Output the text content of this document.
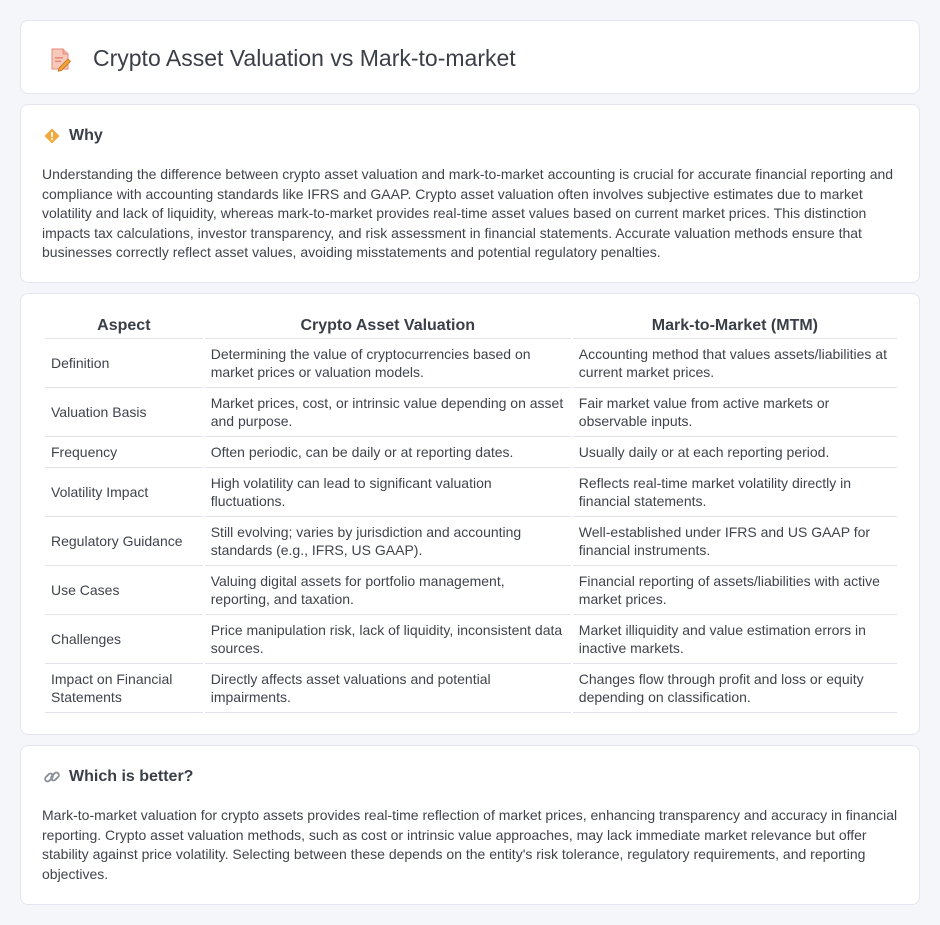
Crypto Asset Valuation vs Mark-to-market
Why

Understanding the difference between crypto asset valuation and mark-to-market accounting is crucial for accurate financial reporting and compliance with accounting standards like IFRS and GAAP. Crypto asset valuation often involves subjective estimates due to market volatility and lack of liquidity, whereas mark-to-market provides real-time asset values based on current market prices. This distinction impacts tax calculations, investor transparency, and risk assessment in financial statements. Accurate valuation methods ensure that businesses correctly reflect asset values, avoiding misstatements and potential regulatory penalties.

Aspect	Crypto Asset Valuation	Mark-to-Market (MTM)
Definition	Determining the value of cryptocurrencies based on market prices or valuation models.	Accounting method that values assets/liabilities at current market prices.
Valuation Basis	Market prices, cost, or intrinsic value depending on asset and purpose.	Fair market value from active markets or observable inputs.
Frequency	Often periodic, can be daily or at reporting dates.	Usually daily or at each reporting period.
Volatility Impact	High volatility can lead to significant valuation fluctuations.	Reflects real-time market volatility directly in financial statements.
Regulatory Guidance	Still evolving; varies by jurisdiction and accounting standards (e.g., IFRS, US GAAP).	Well-established under IFRS and US GAAP for financial instruments.
Use Cases	Valuing digital assets for portfolio management, reporting, and taxation.	Financial reporting of assets/liabilities with active market prices.
Challenges	Price manipulation risk, lack of liquidity, inconsistent data sources.	Market illiquidity and value estimation errors in inactive markets.
Impact on Financial Statements	Directly affects asset valuations and potential impairments.	Changes flow through profit and loss or equity depending on classification.
Which is better?

Mark-to-market valuation for crypto assets provides real-time reflection of market prices, enhancing transparency and accuracy in financial reporting. Crypto asset valuation methods, such as cost or intrinsic value approaches, may lack immediate market relevance but offer stability against price volatility. Selecting between these depends on the entity's risk tolerance, regulatory requirements, and reporting objectives.
